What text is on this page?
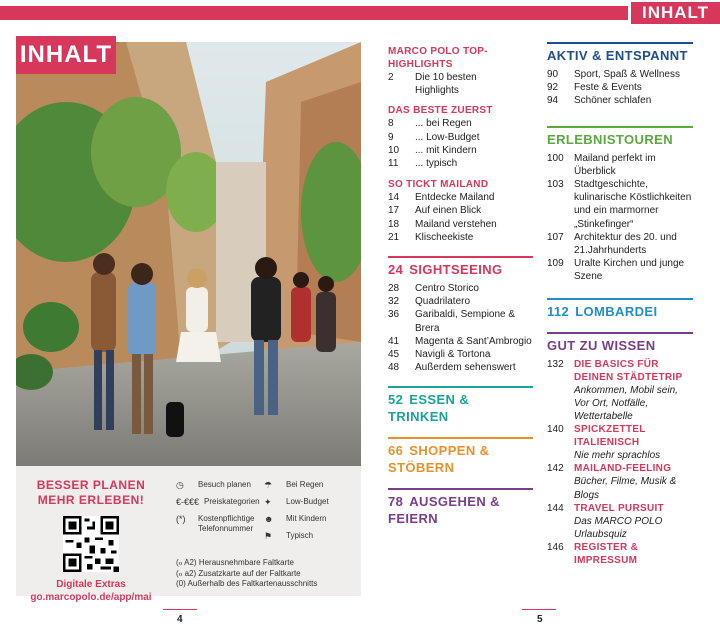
INHALT
INHALT
BESSER PLANEN
MEHR ERLEBEN!
Digitale Extras
go.marcopolo.de/app/mai
◷	Besuch planen ☂	Bei Regen
€-€€€ Preiskategorien ✦	Low-Budget
(*)	Kostenpflichtige Telefonnummer
☻	Mit Kindern
⚑	Typisch
(ℴ A2) Herausnehmbare Faltkarte
(ℴ a2) Zusatzkarte auf der Faltkarte
(0) Außerhalb des Faltkartenausschnitts
4	5
MARCO POLO TOP-HIGHLIGHTS
2	Die 10 besten Highlights
DAS BESTE ZUERST
8	... bei Regen
9	... Low-Budget
10	... mit Kindern
11	... typisch
SO TICKT MAILAND
14	Entdecke Mailand
17	Auf einen Blick
18	Mailand verstehen
21	Klischeekiste
24 SIGHTSEEING
28	Centro Storico
32	Quadrilatero
36	Garibaldi, Sempione & Brera
41	Magenta & Sant’Ambrogio
45	Navigli & Tortona
48	Außerdem sehenswert
52 ESSEN & TRINKEN
66 SHOPPEN & STÖBERN
78 AUSGEHEN & FEIERN
AKTIV & ENTSPANNT
90	Sport, Spaß & Wellness
92	Feste & Events
94	Schöner schlafen
ERLEBNISTOUREN
100	Mailand perfekt im Überblick
103	Stadtgeschichte, kulinarische Köstlichkeiten und ein marmorner „Stinkefinger“
107	Architektur des 20. und 21.Jahrhunderts
109	Uralte Kirchen und junge Szene
112 LOMBARDEI
GUT ZU WISSEN
132	DIE BASICS FÜR DEINEN STÄDTETRIP
Ankommen, Mobil sein, Vor Ort, Notfälle, Wettertabelle
140	SPICKZETTEL ITALIENISCH
Nie mehr sprachlos
142	MAILAND-FEELING
Bücher, Filme, Musik & Blogs
144	TRAVEL PURSUIT
Das MARCO POLO Urlaubsquiz
146	REGISTER & IMPRESSUM
